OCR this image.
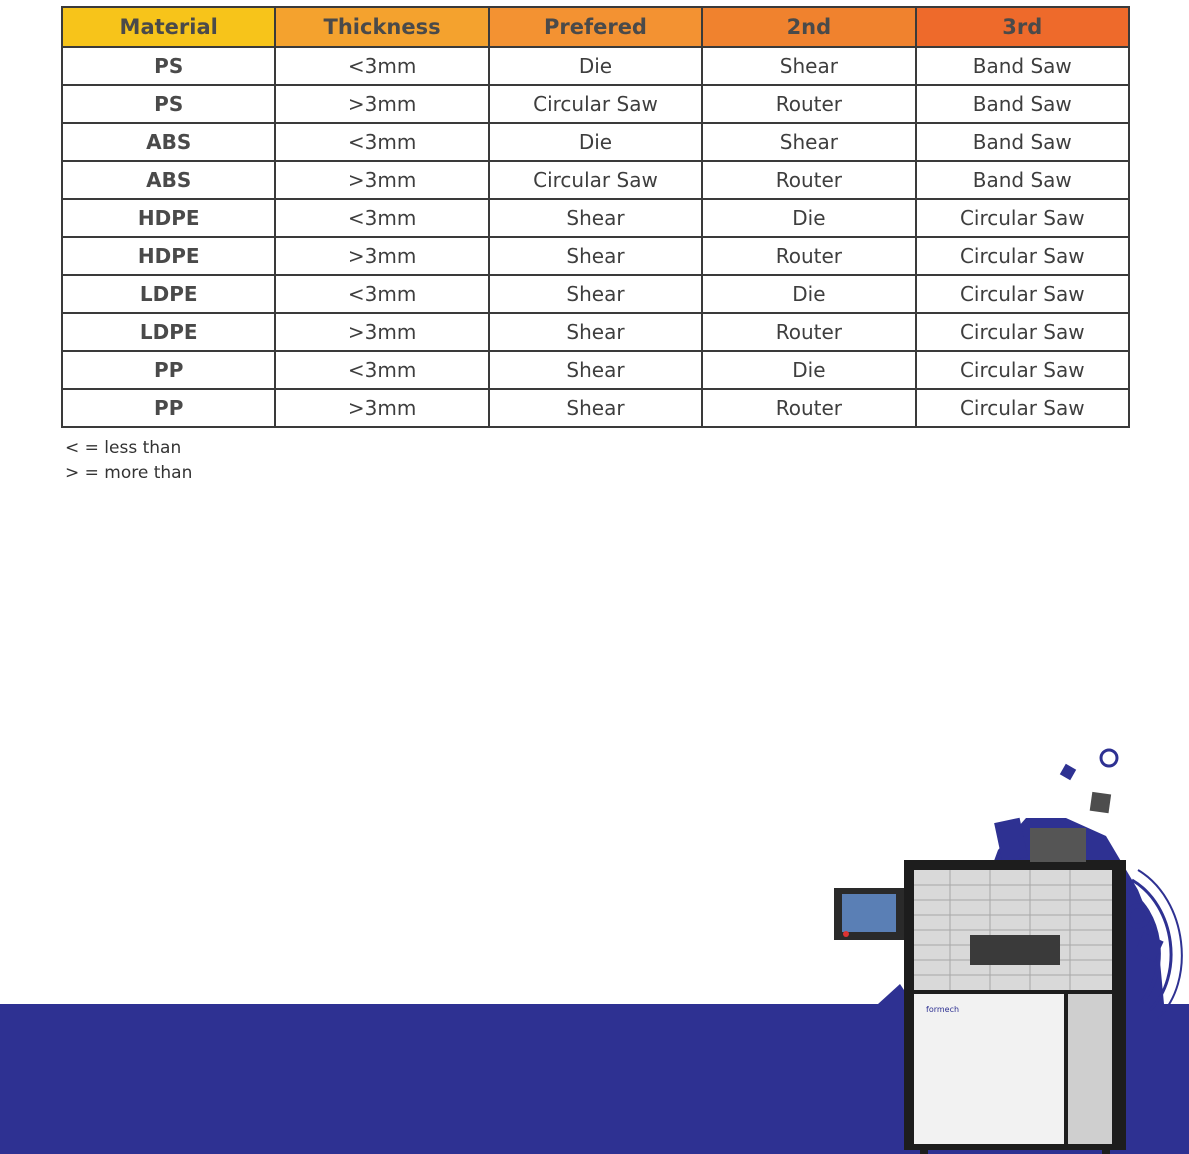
Material	Thickness	Prefered	2nd	3rd
PS	<3mm	Die	Shear	Band Saw
PS	>3mm	Circular Saw	Router	Band Saw
ABS	<3mm	Die	Shear	Band Saw
ABS	>3mm	Circular Saw	Router	Band Saw
HDPE	<3mm	Shear	Die	Circular Saw
HDPE	>3mm	Shear	Router	Circular Saw
LDPE	<3mm	Shear	Die	Circular Saw
LDPE	>3mm	Shear	Router	Circular Saw
PP	<3mm	Shear	Die	Circular Saw
PP	>3mm	Shear	Router	Circular Saw
< = less than
> = more than
formech
